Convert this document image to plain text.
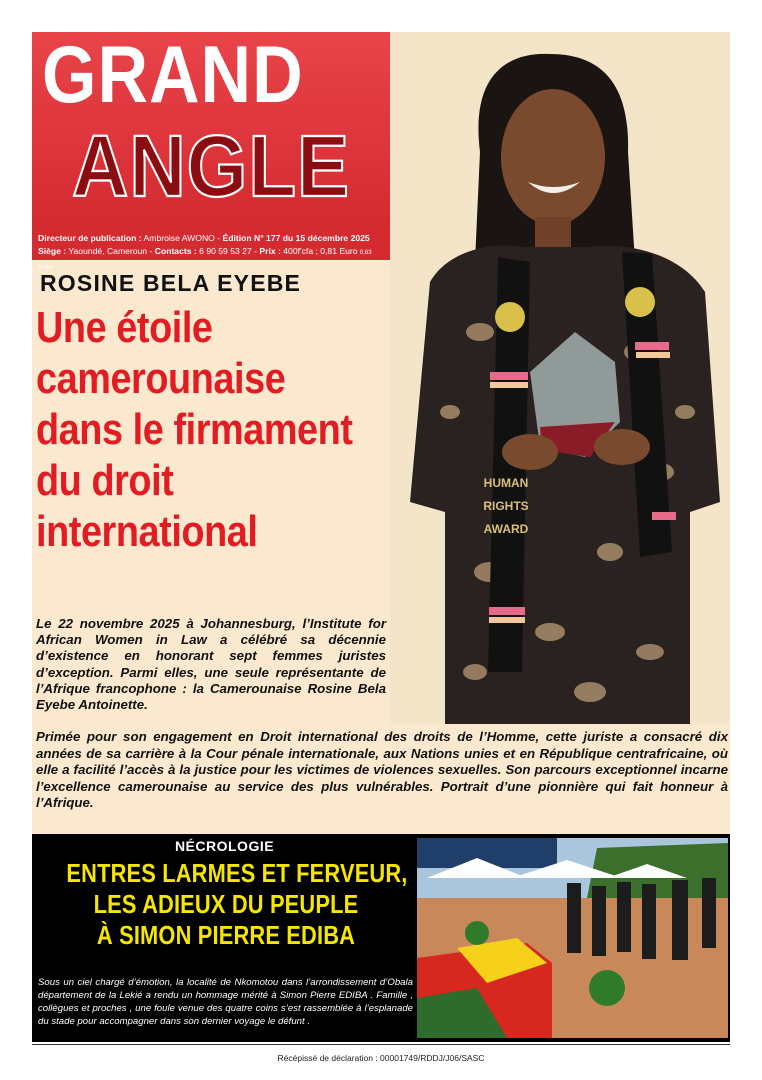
GRAND
ANGLE
Directeur de publication : Ambroise AWONO - Édition N° 177 du 15 décembre 2025
Siège : Yaoundé, Cameroun - Contacts : 6 90 59 53 27 - Prix : 400f'cfa ; 0,81 Euro 0,63 Dollar
HUMAN
RIGHTS
AWARD
ROSINE BELA EYEBE
Une étoile
camerounaise
dans le firmament
du droit
international
Le 22 novembre 2025 à Johannesburg, l’Institute for African Women in Law a célébré sa décennie d’existence en honorant sept femmes juristes d’exception. Parmi elles, une seule représentante de l’Afrique francophone : la Camerounaise Rosine Bela Eyebe Antoinette.
Primée pour son engagement en Droit international des droits de l’Homme, cette juriste a consacré dix années de sa carrière à la Cour pénale internationale, aux Nations unies et en République centrafricaine, où elle a facilité l’accès à la justice pour les victimes de violences sexuelles. Son parcours exceptionnel incarne l’excellence camerounaise au service des plus vulnérables. Portrait d’une pionnière qui fait honneur à l’Afrique.
NÉCROLOGIE
ENTRES LARMES ET FERVEUR,
LES ADIEUX DU PEUPLE
À SIMON PIERRE EDIBA
Sous un ciel chargé d’émotion, la localité de Nkomotou dans l’arrondissement d’Obala département de la Lekié a rendu un hommage mérité à Simon Pierre EDIBA . Famille , collègues et proches , une foule venue des quatre coins s’est rassemblée à l’esplanade du stade pour accompagner dans son dernier voyage le défunt .
Récépissé de déclaration : 00001749/RDDJ/J06/SASC
